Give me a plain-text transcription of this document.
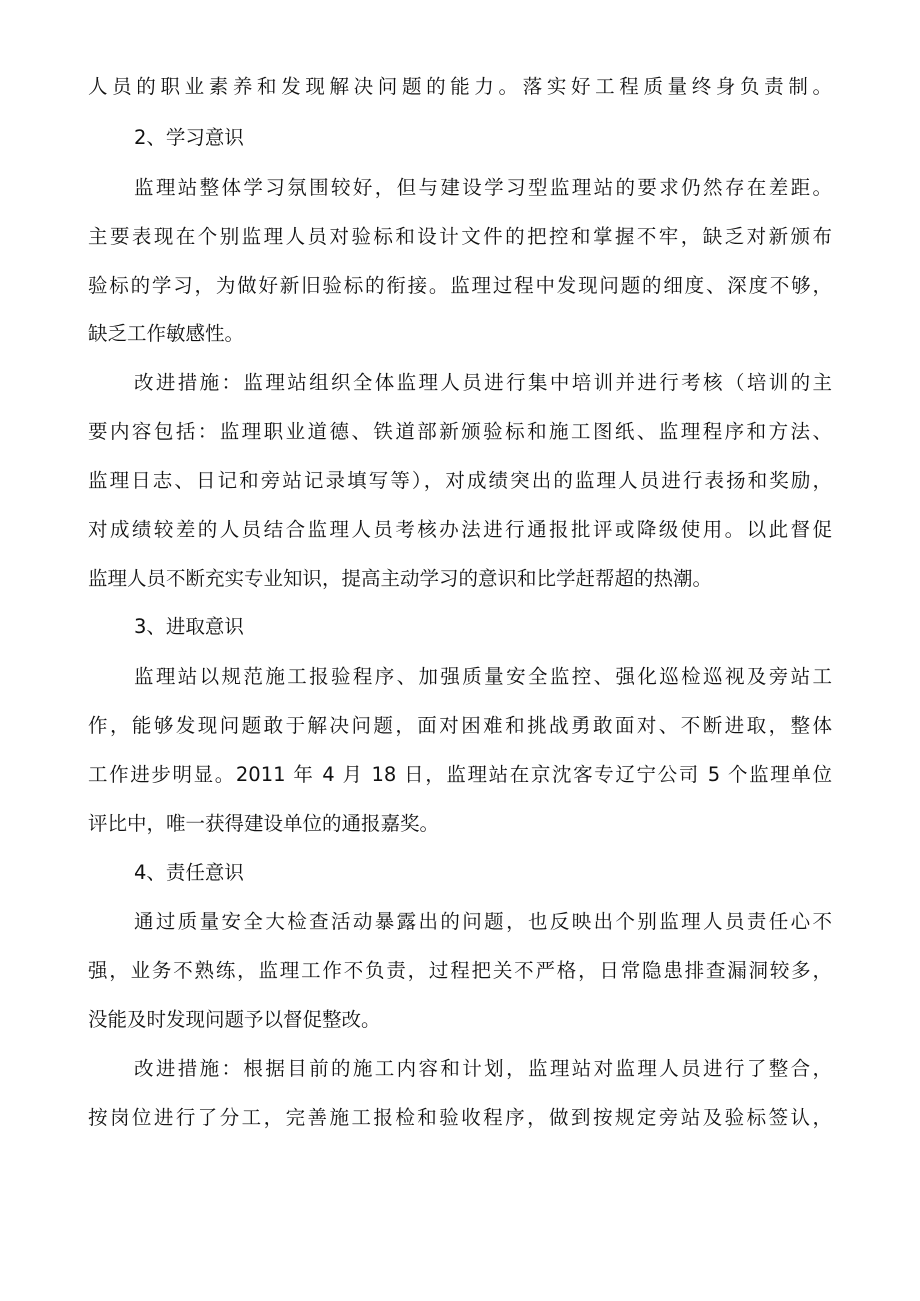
人员的职业素养和发现解决问题的能力。落实好工程质量终身负责制。
2、学习意识
监理站整体学习氛围较好，但与建设学习型监理站的要求仍然存在差距。
主要表现在个别监理人员对验标和设计文件的把控和掌握不牢，缺乏对新颁布
验标的学习，为做好新旧验标的衔接。监理过程中发现问题的细度、深度不够，
缺乏工作敏感性。
改进措施：监理站组织全体监理人员进行集中培训并进行考核（培训的主
要内容包括：监理职业道德、铁道部新颁验标和施工图纸、监理程序和方法、
监理日志、日记和旁站记录填写等），对成绩突出的监理人员进行表扬和奖励，
对成绩较差的人员结合监理人员考核办法进行通报批评或降级使用。以此督促
监理人员不断充实专业知识，提高主动学习的意识和比学赶帮超的热潮。
3、进取意识
监理站以规范施工报验程序、加强质量安全监控、强化巡检巡视及旁站工
作，能够发现问题敢于解决问题，面对困难和挑战勇敢面对、不断进取，整体
工作进步明显。2011 年 4 月 18 日，监理站在京沈客专辽宁公司 5 个监理单位
评比中，唯一获得建设单位的通报嘉奖。
4、责任意识
通过质量安全大检查活动暴露出的问题，也反映出个别监理人员责任心不
强，业务不熟练，监理工作不负责，过程把关不严格，日常隐患排查漏洞较多，
没能及时发现问题予以督促整改。
改进措施：根据目前的施工内容和计划，监理站对监理人员进行了整合，
按岗位进行了分工，完善施工报检和验收程序，做到按规定旁站及验标签认，
